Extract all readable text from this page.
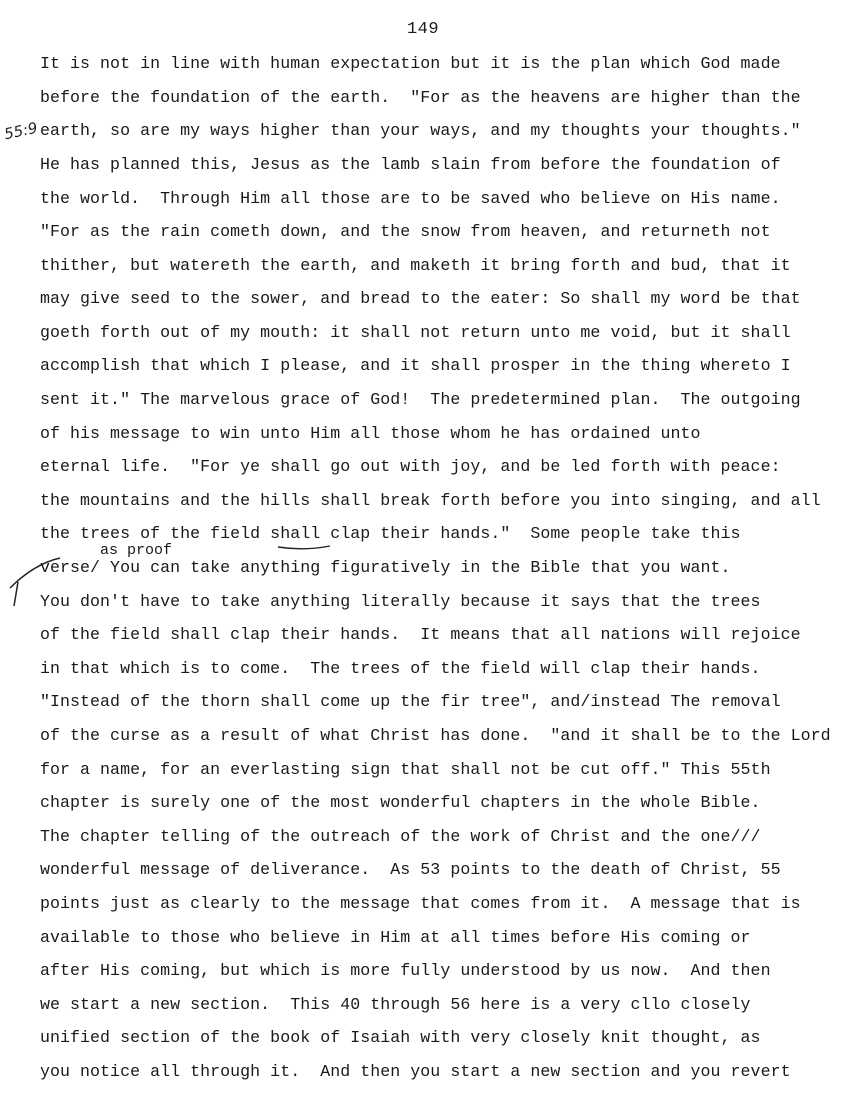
149
55:9
as proof
It is not in line with human expectation but it is the plan which God made
before the foundation of the earth.  "For as the heavens are higher than the
earth, so are my ways higher than your ways, and my thoughts your thoughts."
He has planned this, Jesus as the lamb slain from before the foundation of
the world.  Through Him all those are to be saved who believe on His name.
"For as the rain cometh down, and the snow from heaven, and returneth not
thither, but watereth the earth, and maketh it bring forth and bud, that it
may give seed to the sower, and bread to the eater: So shall my word be that
goeth forth out of my mouth: it shall not return unto me void, but it shall
accomplish that which I please, and it shall prosper in the thing whereto I
sent it." The marvelous grace of God!  The predetermined plan.  The outgoing
of his message to win unto Him all those whom he has ordained unto
eternal life.  "For ye shall go out with joy, and be led forth with peace:
the mountains and the hills shall break forth before you into singing, and all
the trees of the field shall clap their hands."  Some people take this
verse/ You can take anything figuratively in the Bible that you want.
You don't have to take anything literally because it says that the trees
of the field shall clap their hands.  It means that all nations will rejoice
in that which is to come.  The trees of the field will clap their hands.
"Instead of the thorn shall come up the fir tree", and/instead The removal
of the curse as a result of what Christ has done.  "and it shall be to the Lord
for a name, for an everlasting sign that shall not be cut off." This 55th
chapter is surely one of the most wonderful chapters in the whole Bible.
The chapter telling of the outreach of the work of Christ and the one///
wonderful message of deliverance.  As 53 points to the death of Christ, 55
points just as clearly to the message that comes from it.  A message that is
available to those who believe in Him at all times before His coming or
after His coming, but which is more fully understood by us now.  And then
we start a new section.  This 40 through 56 here is a very cllo closely
unified section of the book of Isaiah with very closely knit thought, as
you notice all through it.  And then you start a new section and you revert
